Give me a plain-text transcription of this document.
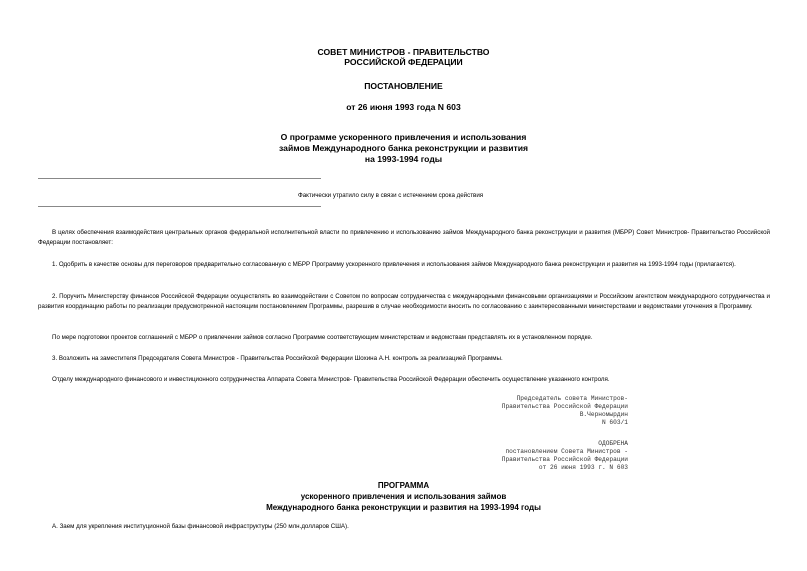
СОВЕТ МИНИСТРОВ - ПРАВИТЕЛЬСТВО
РОССИЙСКОЙ ФЕДЕРАЦИИ
ПОСТАНОВЛЕНИЕ
от 26 июня 1993 года N 603
О программе ускоренного привлечения и использования
займов Международного банка реконструкции и развития
на 1993-1994 годы
Фактически утратило силу в связи с истечением срока действия
В целях обеспечения взаимодействия центральных органов федеральной исполнительной власти по привлечению и использованию займов Международного банка реконструкции и развития (МБРР) Совет Министров- Правительство Российской Федерации постановляет:
1. Одобрить в качестве основы для переговоров предварительно согласованную с МБРР Программу ускоренного привлечения и использования займов Международного банка реконструкции и развития на 1993-1994 годы (прилагается).
2. Поручить Министерству финансов Российской Федерации осуществлять во взаимодействии с Советом по вопросам сотрудничества с международными финансовыми организациями и Российским агентством международного сотрудничества и развития координацию работы по реализации предусмотренной настоящим постановлением Программы, разрешив в случае необходимости вносить по согласованию с заинтересованными министерствами и ведомствами уточнения в Программу.
По мере подготовки проектов соглашений с МБРР о привлечении займов согласно Программе соответствующим министерствам и ведомствам представлять их в установленном порядке.
3. Возложить на заместителя Председателя Совета Министров - Правительства Российской Федерации Шохина А.Н. контроль за реализацией Программы.
Отделу международного финансового и инвестиционного сотрудничества Аппарата Совета Министров- Правительства Российской Федерации обеспечить осуществление указанного контроля.
Председатель совета Министров-
Правительства Российской Федерации
В.Черномырдин
N 603/1
ОДОБРЕНА
постановлением Совета Министров -
Правительства Российской Федерации
от 26 июня 1993 г. N 603
ПРОГРАММА
ускоренного привлечения и использования займов
Международного банка реконструкции и развития на 1993-1994 годы
А. Заем для укрепления институционной базы финансовой инфраструктуры (250 млн.долларов США).
